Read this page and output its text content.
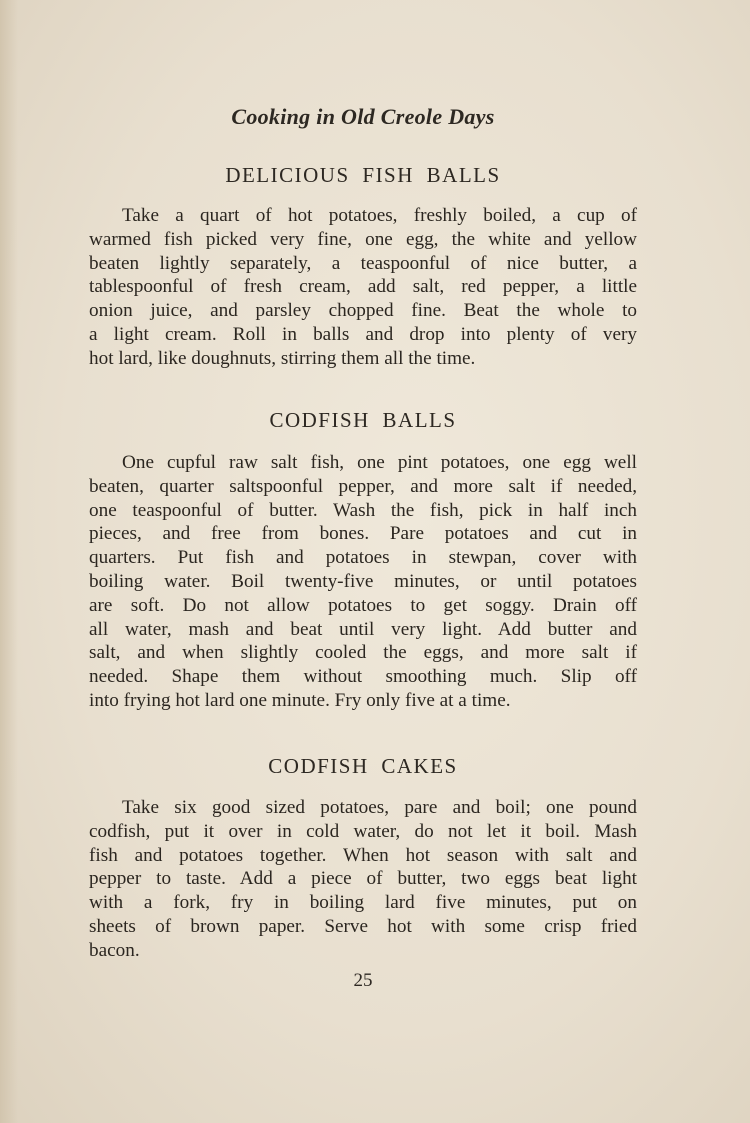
Cooking in Old Creole Days
DELICIOUS FISH BALLS
Take a quart of hot potatoes, freshly boiled, a cup of
warmed fish picked very fine, one egg, the white and yellow
beaten lightly separately, a teaspoonful of nice butter, a
tablespoonful of fresh cream, add salt, red pepper, a little
onion juice, and parsley chopped fine. Beat the whole to
a light cream. Roll in balls and drop into plenty of very
hot lard, like doughnuts, stirring them all the time.
CODFISH BALLS
One cupful raw salt fish, one pint potatoes, one egg well
beaten, quarter saltspoonful pepper, and more salt if needed,
one teaspoonful of butter. Wash the fish, pick in half inch
pieces, and free from bones. Pare potatoes and cut in
quarters. Put fish and potatoes in stewpan, cover with
boiling water. Boil twenty-five minutes, or until potatoes
are soft. Do not allow potatoes to get soggy. Drain off
all water, mash and beat until very light. Add butter and
salt, and when slightly cooled the eggs, and more salt if
needed. Shape them without smoothing much. Slip off
into frying hot lard one minute. Fry only five at a time.
CODFISH CAKES
Take six good sized potatoes, pare and boil; one pound
codfish, put it over in cold water, do not let it boil. Mash
fish and potatoes together. When hot season with salt and
pepper to taste. Add a piece of butter, two eggs beat light
with a fork, fry in boiling lard five minutes, put on
sheets of brown paper. Serve hot with some crisp fried
bacon.
25
